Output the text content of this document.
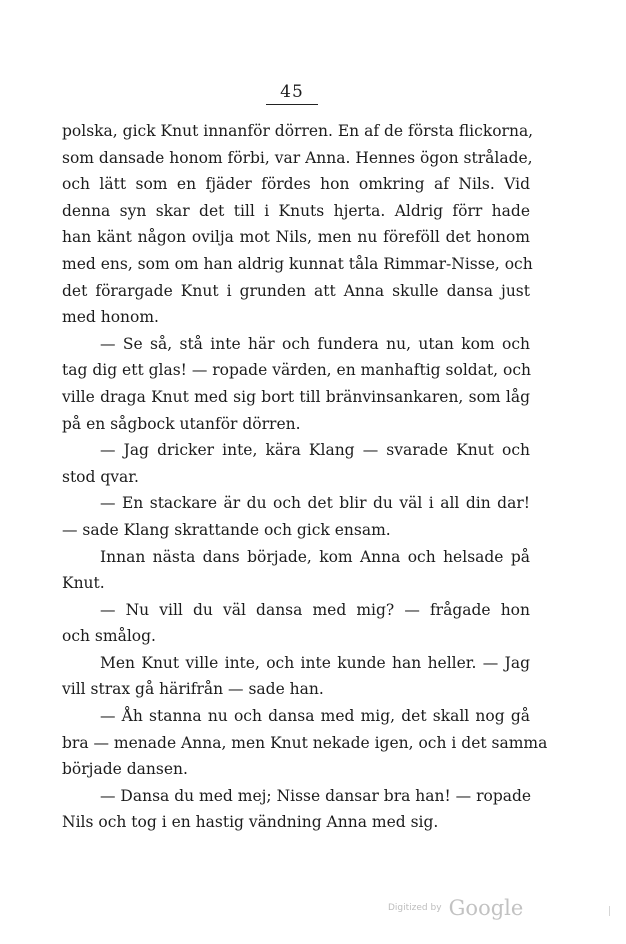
45
polska, gick Knut innanför dörren. En af de första flickorna,
som dansade honom förbi, var Anna. Hennes ögon strålade,
och lätt som en fjäder fördes hon omkring af Nils. Vid
denna syn skar det till i Knuts hjerta. Aldrig förr hade
han känt någon ovilja mot Nils, men nu föreföll det honom
med ens, som om han aldrig kunnat tåla Rimmar-Nisse, och
det förargade Knut i grunden att Anna skulle dansa just
med honom.
— Se så, stå inte här och fundera nu, utan kom och
tag dig ett glas! — ropade värden, en manhaftig soldat, och
ville draga Knut med sig bort till bränvinsankaren, som låg
på en sågbock utanför dörren.
— Jag dricker inte, kära Klang — svarade Knut och
stod qvar.
— En stackare är du och det blir du väl i all din dar!
— sade Klang skrattande och gick ensam.
Innan nästa dans började, kom Anna och helsade på
Knut.
— Nu vill du väl dansa med mig? — frågade hon
och smålog.
Men Knut ville inte, och inte kunde han heller. — Jag
vill strax gå härifrån — sade han.
— Åh stanna nu och dansa med mig, det skall nog gå
bra — menade Anna, men Knut nekade igen, och i det samma
började dansen.
— Dansa du med mej; Nisse dansar bra han! — ropade
Nils och tog i en hastig vändning Anna med sig.
Digitized by Google
